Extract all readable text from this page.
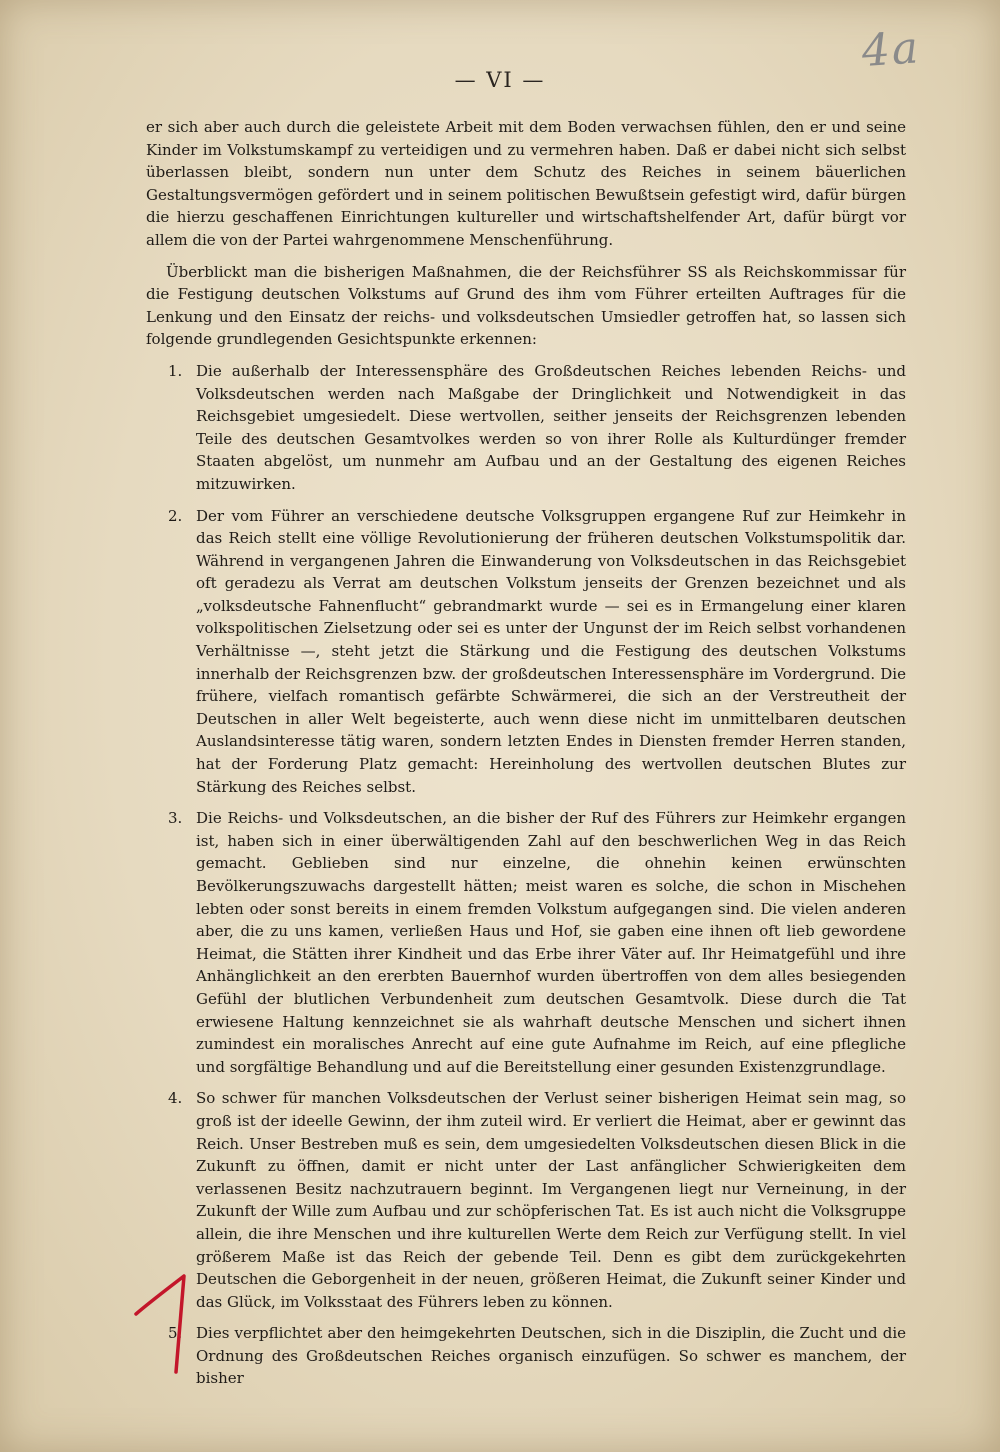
4a
— VI —

er sich aber auch durch die geleistete Arbeit mit dem Boden verwachsen fühlen, den er und seine Kinder im Volkstumskampf zu verteidigen und zu vermehren haben. Daß er dabei nicht sich selbst überlassen bleibt, sondern nun unter dem Schutz des Reiches in seinem bäuerlichen Gestaltungsvermögen gefördert und in seinem politischen Bewußtsein gefestigt wird, dafür bürgen die hierzu geschaffenen Einrichtungen kultureller und wirtschaftshelfender Art, dafür bürgt vor allem die von der Partei wahrgenommene Menschenführung.

Überblickt man die bisherigen Maßnahmen, die der Reichsführer SS als Reichskommissar für die Festigung deutschen Volkstums auf Grund des ihm vom Führer erteilten Auftrages für die Lenkung und den Einsatz der reichs- und volksdeutschen Umsiedler getroffen hat, so lassen sich folgende grundlegenden Gesichtspunkte erkennen:

1. Die außerhalb der Interessensphäre des Großdeutschen Reiches lebenden Reichs- und Volksdeutschen werden nach Maßgabe der Dringlichkeit und Notwendigkeit in das Reichsgebiet umgesiedelt. Diese wertvollen, seither jenseits der Reichsgrenzen lebenden Teile des deutschen Gesamtvolkes werden so von ihrer Rolle als Kulturdünger fremder Staaten abgelöst, um nunmehr am Aufbau und an der Gestaltung des eigenen Reiches mitzuwirken.
2. Der vom Führer an verschiedene deutsche Volksgruppen ergangene Ruf zur Heimkehr in das Reich stellt eine völlige Revolutionierung der früheren deutschen Volkstumspolitik dar. Während in vergangenen Jahren die Einwanderung von Volksdeutschen in das Reichsgebiet oft geradezu als Verrat am deutschen Volkstum jenseits der Grenzen bezeichnet und als „volksdeutsche Fahnenflucht“ gebrandmarkt wurde — sei es in Ermangelung einer klaren volkspolitischen Zielsetzung oder sei es unter der Ungunst der im Reich selbst vorhandenen Verhältnisse —, steht jetzt die Stärkung und die Festigung des deutschen Volkstums innerhalb der Reichsgrenzen bzw. der großdeutschen Interessensphäre im Vordergrund. Die frühere, vielfach romantisch gefärbte Schwärmerei, die sich an der Verstreutheit der Deutschen in aller Welt begeisterte, auch wenn diese nicht im unmittelbaren deutschen Auslandsinteresse tätig waren, sondern letzten Endes in Diensten fremder Herren standen, hat der Forderung Platz gemacht: Hereinholung des wertvollen deutschen Blutes zur Stärkung des Reiches selbst.
3. Die Reichs- und Volksdeutschen, an die bisher der Ruf des Führers zur Heimkehr ergangen ist, haben sich in einer überwältigenden Zahl auf den beschwerlichen Weg in das Reich gemacht. Geblieben sind nur einzelne, die ohnehin keinen erwünschten Bevölkerungszuwachs dargestellt hätten; meist waren es solche, die schon in Mischehen lebten oder sonst bereits in einem fremden Volkstum aufgegangen sind. Die vielen anderen aber, die zu uns kamen, verließen Haus und Hof, sie gaben eine ihnen oft lieb gewordene Heimat, die Stätten ihrer Kindheit und das Erbe ihrer Väter auf. Ihr Heimatgefühl und ihre Anhänglichkeit an den ererbten Bauernhof wurden übertroffen von dem alles besiegenden Gefühl der blutlichen Verbundenheit zum deutschen Gesamtvolk. Diese durch die Tat erwiesene Haltung kennzeichnet sie als wahrhaft deutsche Menschen und sichert ihnen zumindest ein moralisches Anrecht auf eine gute Aufnahme im Reich, auf eine pflegliche und sorgfältige Behandlung und auf die Bereitstellung einer gesunden Existenzgrundlage.
4. So schwer für manchen Volksdeutschen der Verlust seiner bisherigen Heimat sein mag, so groß ist der ideelle Gewinn, der ihm zuteil wird. Er verliert die Heimat, aber er gewinnt das Reich. Unser Bestreben muß es sein, dem umgesiedelten Volksdeutschen diesen Blick in die Zukunft zu öffnen, damit er nicht unter der Last anfänglicher Schwierigkeiten dem verlassenen Besitz nachzutrauern beginnt. Im Vergangenen liegt nur Verneinung, in der Zukunft der Wille zum Aufbau und zur schöpferischen Tat. Es ist auch nicht die Volksgruppe allein, die ihre Menschen und ihre kulturellen Werte dem Reich zur Verfügung stellt. In viel größerem Maße ist das Reich der gebende Teil. Denn es gibt dem zurückgekehrten Deutschen die Geborgenheit in der neuen, größeren Heimat, die Zukunft seiner Kinder und das Glück, im Volksstaat des Führers leben zu können.
5. Dies verpflichtet aber den heimgekehrten Deutschen, sich in die Disziplin, die Zucht und die Ordnung des Großdeutschen Reiches organisch einzufügen. So schwer es manchem, der bisher
